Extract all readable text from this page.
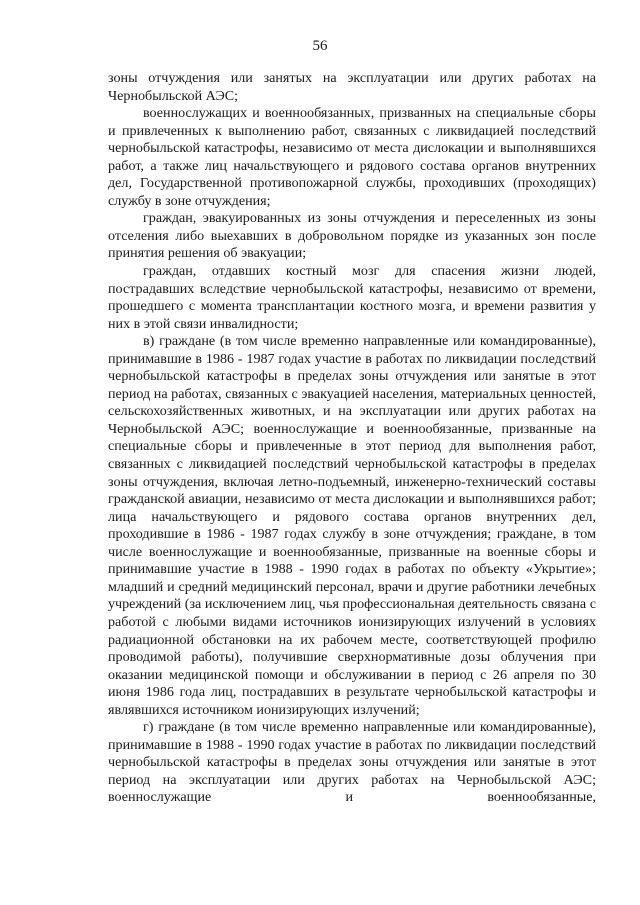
56

зоны отчуждения или занятых на эксплуатации или других работах на Чернобыльской АЭС;

военнослужащих и военнообязанных, призванных на специальные сборы и привлеченных к выполнению работ, связанных с ликвидацией последствий чернобыльской катастрофы, независимо от места дислокации и выполнявшихся работ, а также лиц начальствующего и рядового состава органов внутренних дел, Государственной противопожарной службы, проходивших (проходящих) службу в зоне отчуждения;

граждан, эвакуированных из зоны отчуждения и переселенных из зоны отселения либо выехавших в добровольном порядке из указанных зон после принятия решения об эвакуации;

граждан, отдавших костный мозг для спасения жизни людей, пострадавших вследствие чернобыльской катастрофы, независимо от времени, прошедшего с момента трансплантации костного мозга, и времени развития у них в этой связи инвалидности;

в) граждане (в том числе временно направленные или командированные), принимавшие в 1986 - 1987 годах участие в работах по ликвидации последствий чернобыльской катастрофы в пределах зоны отчуждения или занятые в этот период на работах, связанных с эвакуацией населения, материальных ценностей, сельскохозяйственных животных, и на эксплуатации или других работах на Чернобыльской АЭС; военнослужащие и военнообязанные, призванные на специальные сборы и привлеченные в этот период для выполнения работ, связанных с ликвидацией последствий чернобыльской катастрофы в пределах зоны отчуждения, включая летно-подъемный, инженерно-технический составы гражданской авиации, независимо от места дислокации и выполнявшихся работ; лица начальствующего и рядового состава органов внутренних дел, проходившие в 1986 - 1987 годах службу в зоне отчуждения; граждане, в том числе военнослужащие и военнообязанные, призванные на военные сборы и принимавшие участие в 1988 - 1990 годах в работах по объекту «Укрытие»; младший и средний медицинский персонал, врачи и другие работники лечебных учреждений (за исключением лиц, чья профессиональная деятельность связана с работой с любыми видами источников ионизирующих излучений в условиях радиационной обстановки на их рабочем месте, соответствующей профилю проводимой работы), получившие сверхнормативные дозы облучения при оказании медицинской помощи и обслуживании в период с 26 апреля по 30 июня 1986 года лиц, пострадавших в результате чернобыльской катастрофы и являвшихся источником ионизирующих излучений;

г) граждане (в том числе временно направленные или командированные), принимавшие в 1988 - 1990 годах участие в работах по ликвидации последствий чернобыльской катастрофы в пределах зоны отчуждения или занятые в этот период на эксплуатации или других работах на Чернобыльской АЭС; военнослужащие и военнообязанные,
